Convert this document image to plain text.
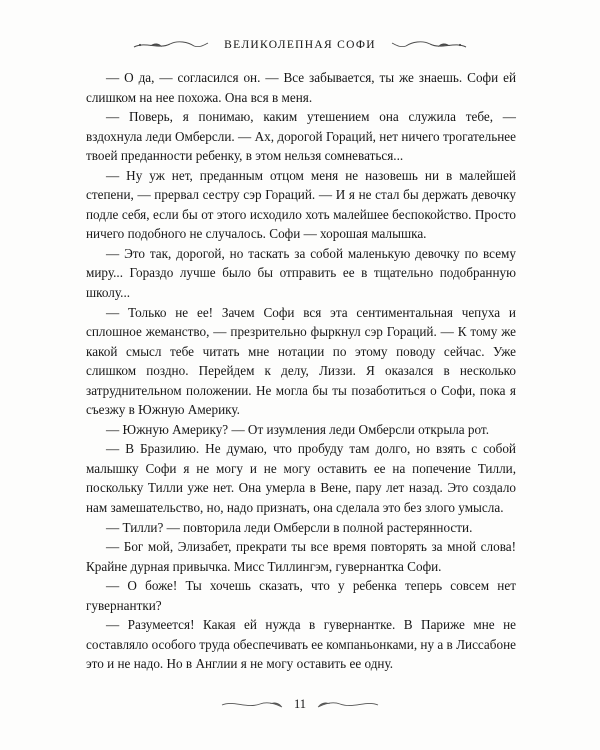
ВЕЛИКОЛЕПНАЯ СОФИ

— О да, — согласился он. — Все забывается, ты же знаешь. Софи ей слишком на нее похожа. Она вся в меня.

— Поверь, я понимаю, каким утешением она служила тебе, — вздохнула леди Омберсли. — Ах, дорогой Гораций, нет ничего трогательнее твоей преданности ребенку, в этом нельзя сомневаться...

— Ну уж нет, преданным отцом меня не назовешь ни в малейшей степени, — прервал сестру сэр Гораций. — И я не стал бы держать девочку подле себя, если бы от этого исходило хоть малейшее беспокойство. Просто ничего подобного не случалось. Софи — хорошая малышка.

— Это так, дорогой, но таскать за собой маленькую девочку по всему миру... Гораздо лучше было бы отправить ее в тщательно подобранную школу...

— Только не ее! Зачем Софи вся эта сентиментальная чепуха и сплошное жеманство, — презрительно фыркнул сэр Гораций. — К тому же какой смысл тебе читать мне нотации по этому поводу сейчас. Уже слишком поздно. Перейдем к делу, Лиззи. Я оказался в несколько затруднительном положении. Не могла бы ты позаботиться о Софи, пока я съезжу в Южную Америку.

— Южную Америку? — От изумления леди Омберсли открыла рот.

— В Бразилию. Не думаю, что пробуду там долго, но взять с собой малышку Софи я не могу и не могу оставить ее на попечение Тилли, поскольку Тилли уже нет. Она умерла в Вене, пару лет назад. Это создало нам замешательство, но, надо признать, она сделала это без злого умысла.

— Тилли? — повторила леди Омберсли в полной растерянности.

— Бог мой, Элизабет, прекрати ты все время повторять за мной слова! Крайне дурная привычка. Мисс Тиллингэм, гувернантка Софи.

— О боже! Ты хочешь сказать, что у ребенка теперь совсем нет гувернантки?

— Разумеется! Какая ей нужда в гувернантке. В Париже мне не составляло особого труда обеспечивать ее компаньонками, ну а в Лиссабоне это и не надо. Но в Англии я не могу оставить ее одну.

11
